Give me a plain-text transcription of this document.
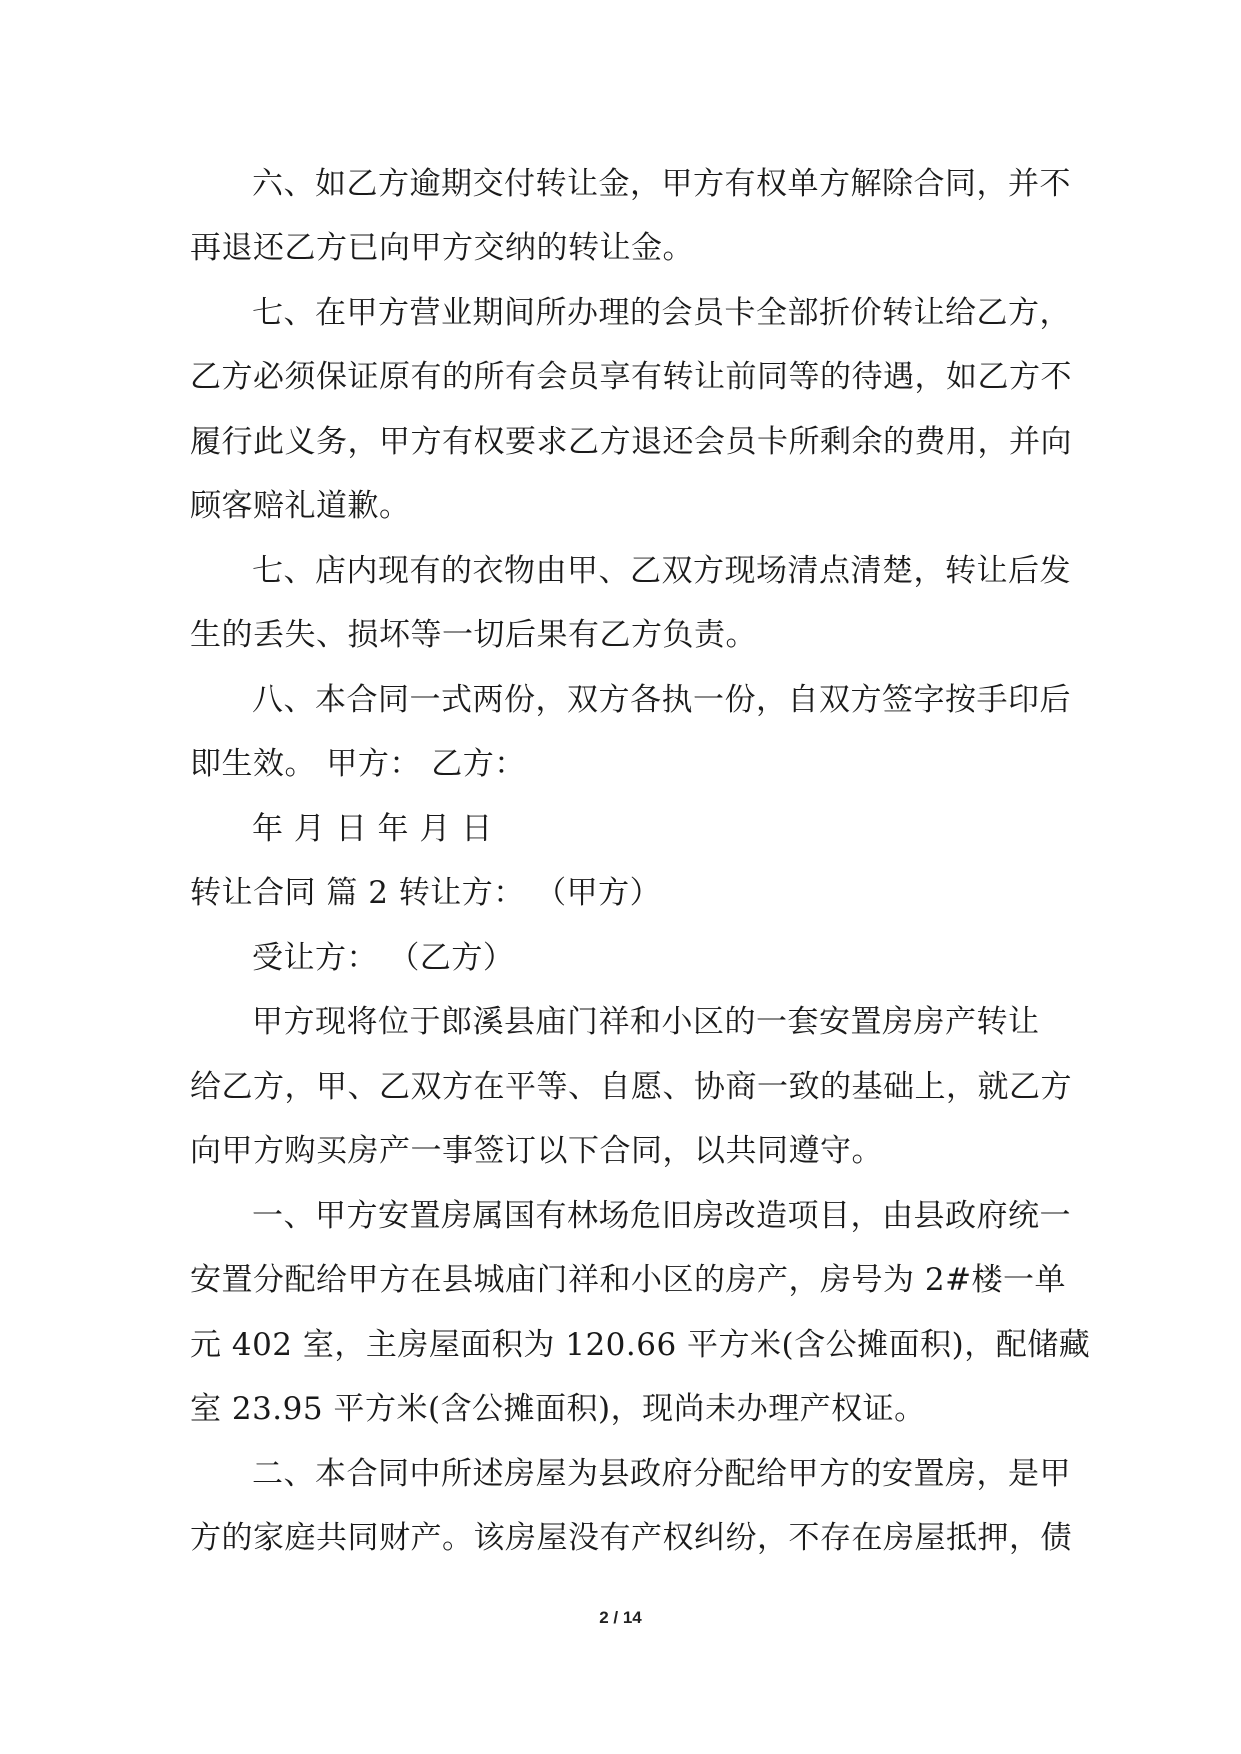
六、如乙方逾期交付转让金，甲方有权单方解除合同，并不
再退还乙方已向甲方交纳的转让金。
七、在甲方营业期间所办理的会员卡全部折价转让给乙方，
乙方必须保证原有的所有会员享有转让前同等的待遇，如乙方不
履行此义务，甲方有权要求乙方退还会员卡所剩余的费用，并向
顾客赔礼道歉。
七、店内现有的衣物由甲、乙双方现场清点清楚，转让后发
生的丢失、损坏等一切后果有乙方负责。
八、本合同一式两份，双方各执一份，自双方签字按手印后
即生效。 甲方： 乙方：
年 月 日 年 月 日
转让合同 篇 2 转让方： （甲方）
受让方： （乙方）
甲方现将位于郎溪县庙门祥和小区的一套安置房房产转让
给乙方，甲、乙双方在平等、自愿、协商一致的基础上，就乙方
向甲方购买房产一事签订以下合同，以共同遵守。
一、甲方安置房属国有林场危旧房改造项目，由县政府统一
安置分配给甲方在县城庙门祥和小区的房产，房号为 2#楼一单
元 402 室，主房屋面积为 120.66 平方米(含公摊面积)，配储藏
室 23.95 平方米(含公摊面积)，现尚未办理产权证。
二、本合同中所述房屋为县政府分配给甲方的安置房，是甲
方的家庭共同财产。该房屋没有产权纠纷，不存在房屋抵押，债
2 / 14
